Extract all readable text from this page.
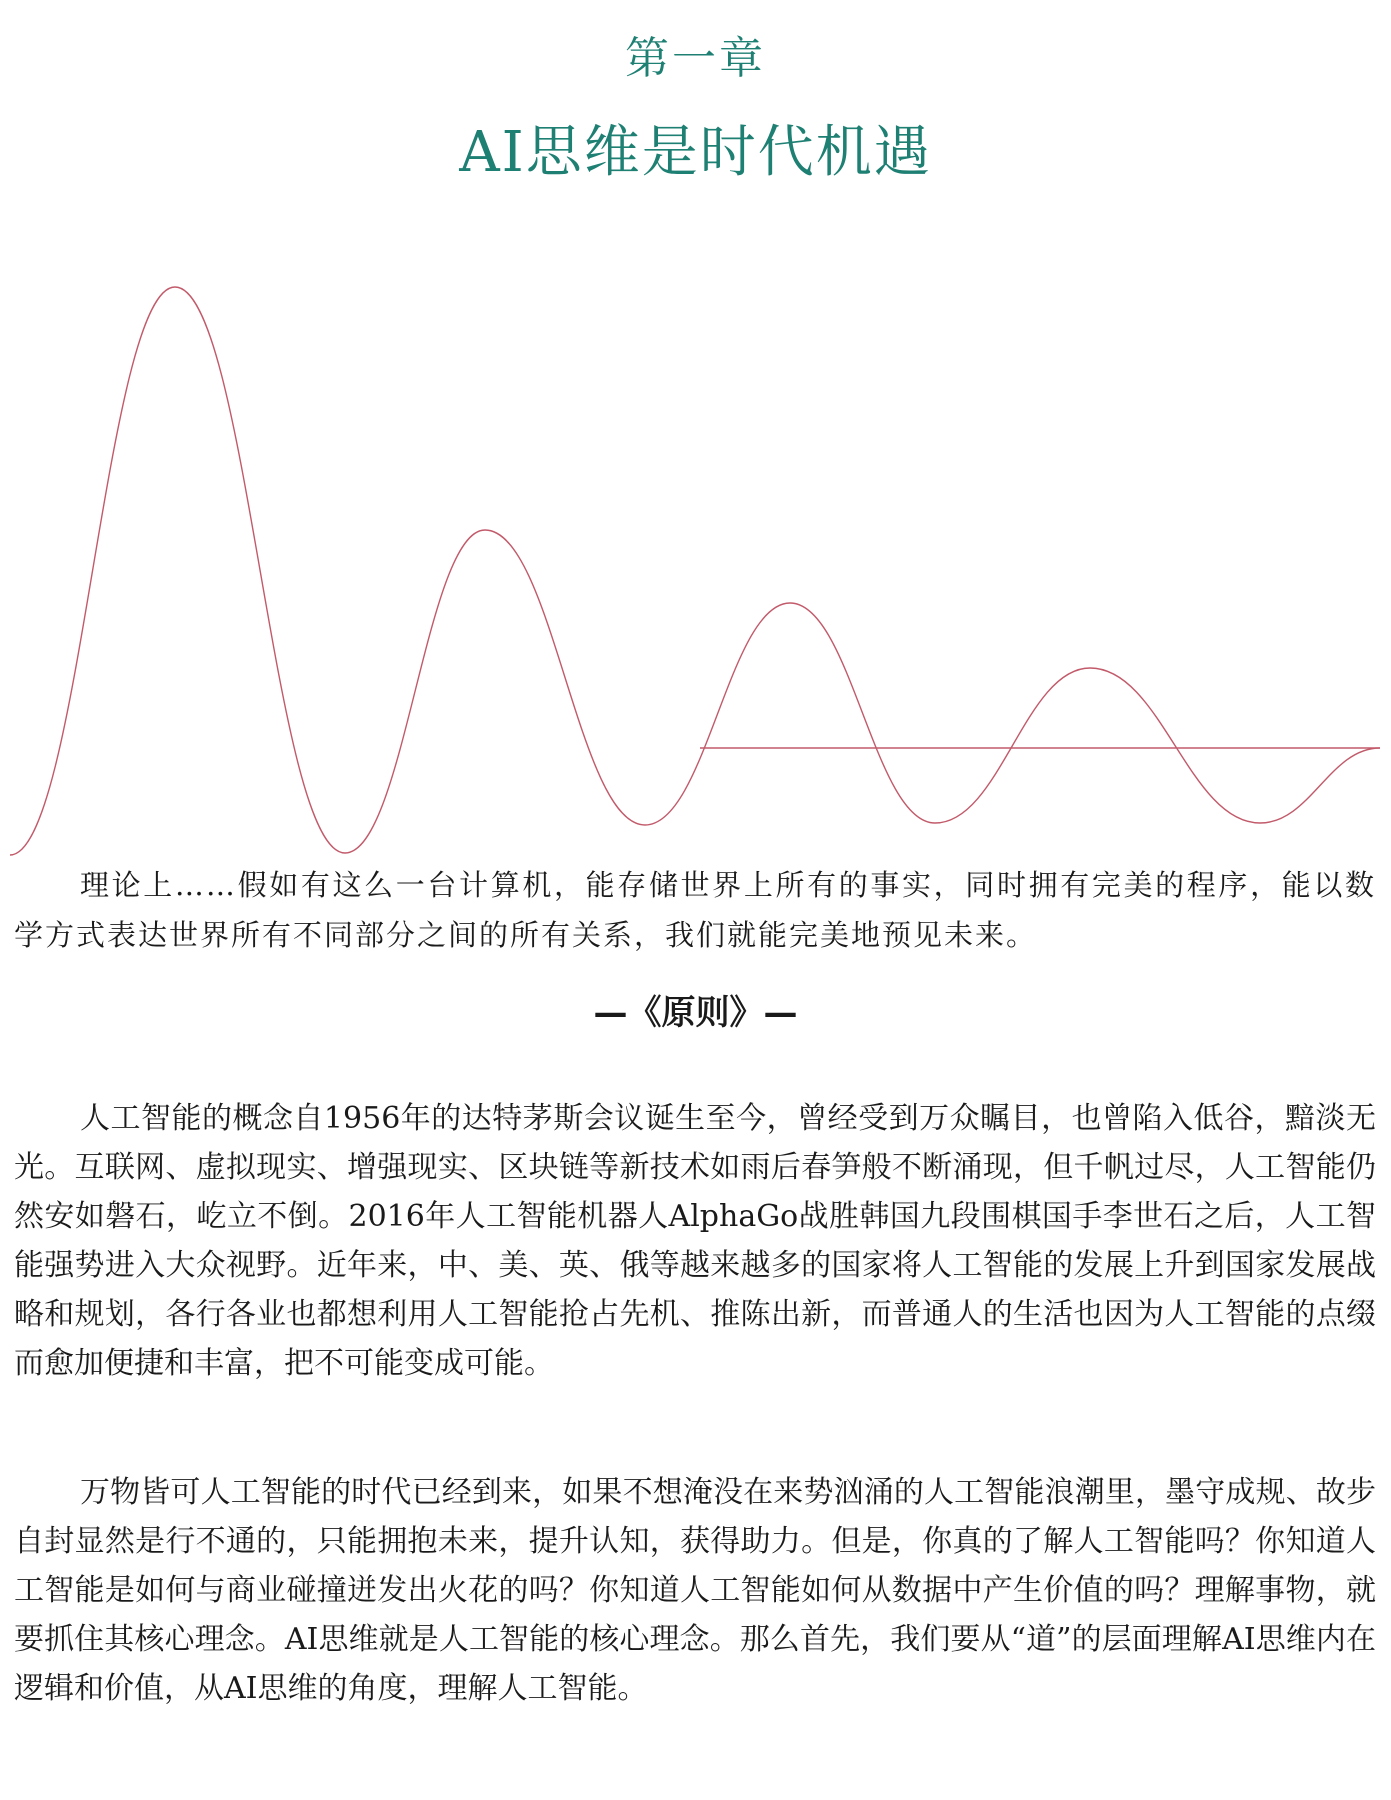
第一章
AI思维是时代机遇

理论上……假如有这么一台计算机，能存储世界上所有的事实，同时拥有完美的程序，能以数学方式表达世界所有不同部分之间的所有关系，我们就能完美地预见未来。

—《原则》—

人工智能的概念自1956年的达特茅斯会议诞生至今，曾经受到万众瞩目，也曾陷入低谷，黯淡无光。互联网、虚拟现实、增强现实、区块链等新技术如雨后春笋般不断涌现，但千帆过尽，人工智能仍然安如磐石，屹立不倒。2016年人工智能机器人AlphaGo战胜韩国九段围棋国手李世石之后，人工智能强势进入大众视野。近年来，中、美、英、俄等越来越多的国家将人工智能的发展上升到国家发展战略和规划，各行各业也都想利用人工智能抢占先机、推陈出新，而普通人的生活也因为人工智能的点缀而愈加便捷和丰富，把不可能变成可能。

万物皆可人工智能的时代已经到来，如果不想淹没在来势汹涌的人工智能浪潮里，墨守成规、故步自封显然是行不通的，只能拥抱未来，提升认知，获得助力。但是，你真的了解人工智能吗？你知道人工智能是如何与商业碰撞迸发出火花的吗？你知道人工智能如何从数据中产生价值的吗？理解事物，就要抓住其核心理念。AI思维就是人工智能的核心理念。那么首先，我们要从“道”的层面理解AI思维内在逻辑和价值，从AI思维的角度，理解人工智能。
